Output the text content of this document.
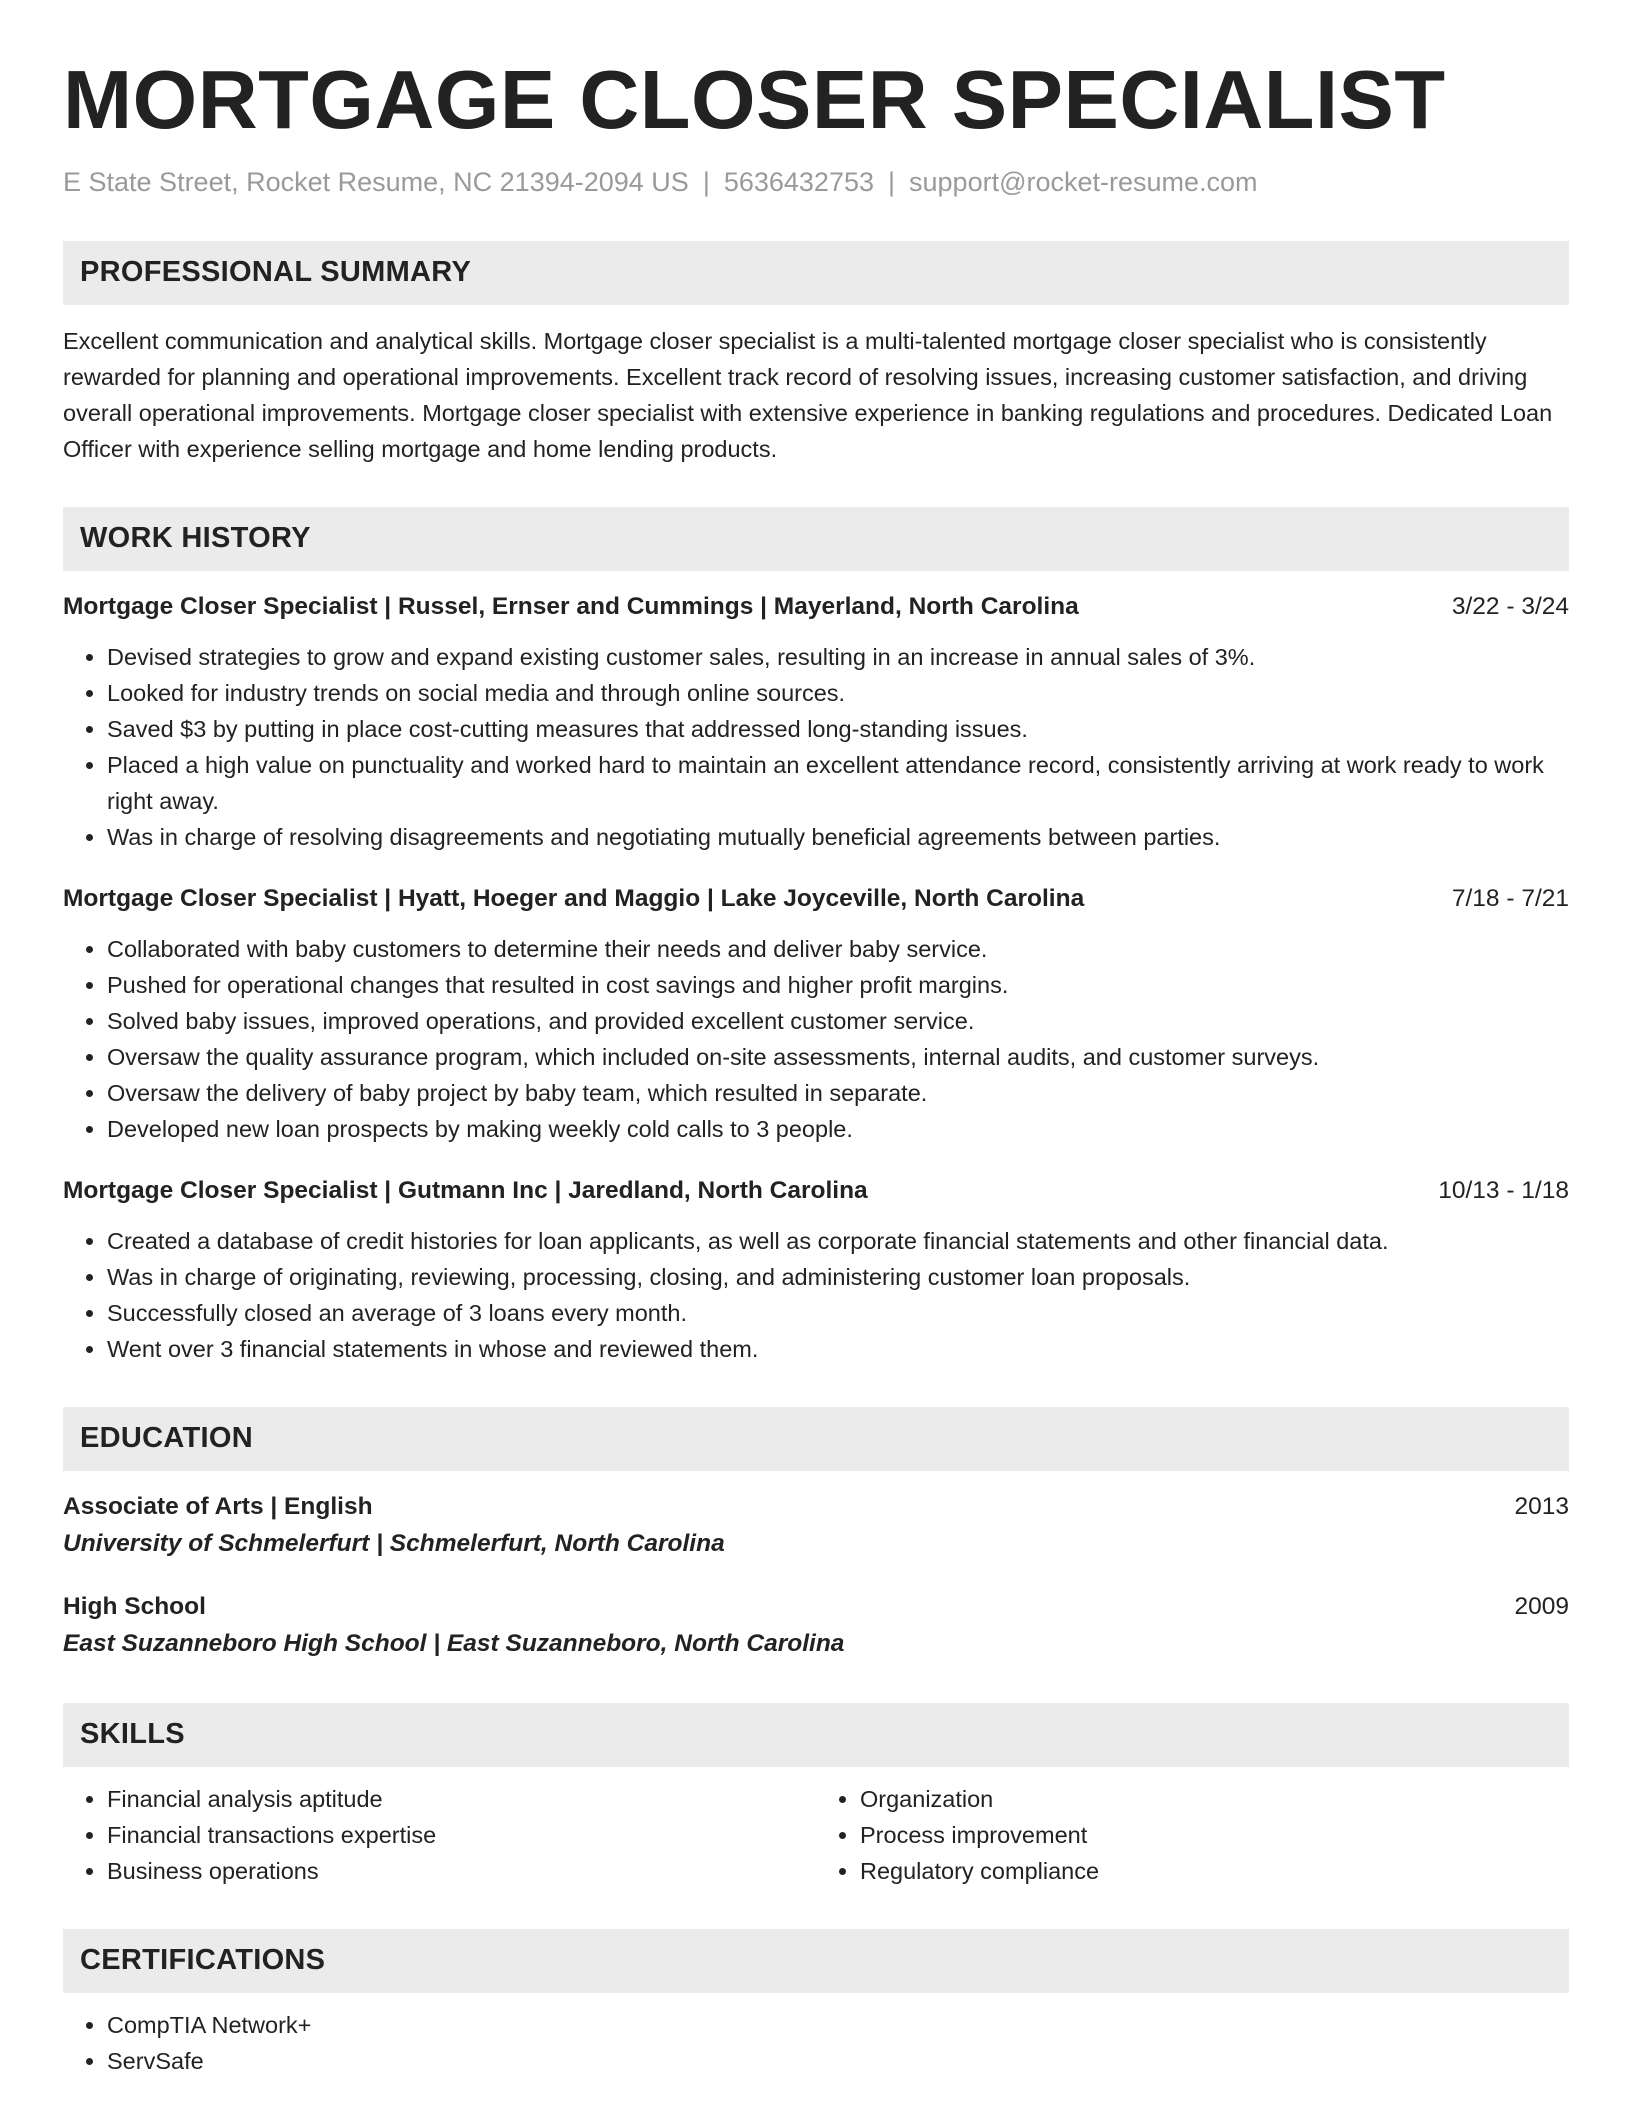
MORTGAGE CLOSER SPECIALIST
E State Street, Rocket Resume, NC 21394-2094 US | 5636432753 | support@rocket-resume.com
PROFESSIONAL SUMMARY
Excellent communication and analytical skills. Mortgage closer specialist is a multi-talented mortgage closer specialist who is consistently rewarded for planning and operational improvements. Excellent track record of resolving issues, increasing customer satisfaction, and driving overall operational improvements. Mortgage closer specialist with extensive experience in banking regulations and procedures. Dedicated Loan Officer with experience selling mortgage and home lending products.
WORK HISTORY
Mortgage Closer Specialist | Russel, Ernser and Cummings | Mayerland, North Carolina	3/22 - 3/24
• Devised strategies to grow and expand existing customer sales, resulting in an increase in annual sales of 3%.
• Looked for industry trends on social media and through online sources.
• Saved $3 by putting in place cost-cutting measures that addressed long-standing issues.
• Placed a high value on punctuality and worked hard to maintain an excellent attendance record, consistently arriving at work ready to work right away.
• Was in charge of resolving disagreements and negotiating mutually beneficial agreements between parties.
Mortgage Closer Specialist | Hyatt, Hoeger and Maggio | Lake Joyceville, North Carolina	7/18 - 7/21
• Collaborated with baby customers to determine their needs and deliver baby service.
• Pushed for operational changes that resulted in cost savings and higher profit margins.
• Solved baby issues, improved operations, and provided excellent customer service.
• Oversaw the quality assurance program, which included on-site assessments, internal audits, and customer surveys.
• Oversaw the delivery of baby project by baby team, which resulted in separate.
• Developed new loan prospects by making weekly cold calls to 3 people.
Mortgage Closer Specialist | Gutmann Inc | Jaredland, North Carolina	10/13 - 1/18
• Created a database of credit histories for loan applicants, as well as corporate financial statements and other financial data.
• Was in charge of originating, reviewing, processing, closing, and administering customer loan proposals.
• Successfully closed an average of 3 loans every month.
• Went over 3 financial statements in whose and reviewed them.
EDUCATION
Associate of Arts | English	2013
University of Schmelerfurt | Schmelerfurt, North Carolina
High School	2009
East Suzanneboro High School | East Suzanneboro, North Carolina
SKILLS
• Financial analysis aptitude
• Financial transactions expertise
• Business operations
• Organization
• Process improvement
• Regulatory compliance
CERTIFICATIONS
• CompTIA Network+
• ServSafe
